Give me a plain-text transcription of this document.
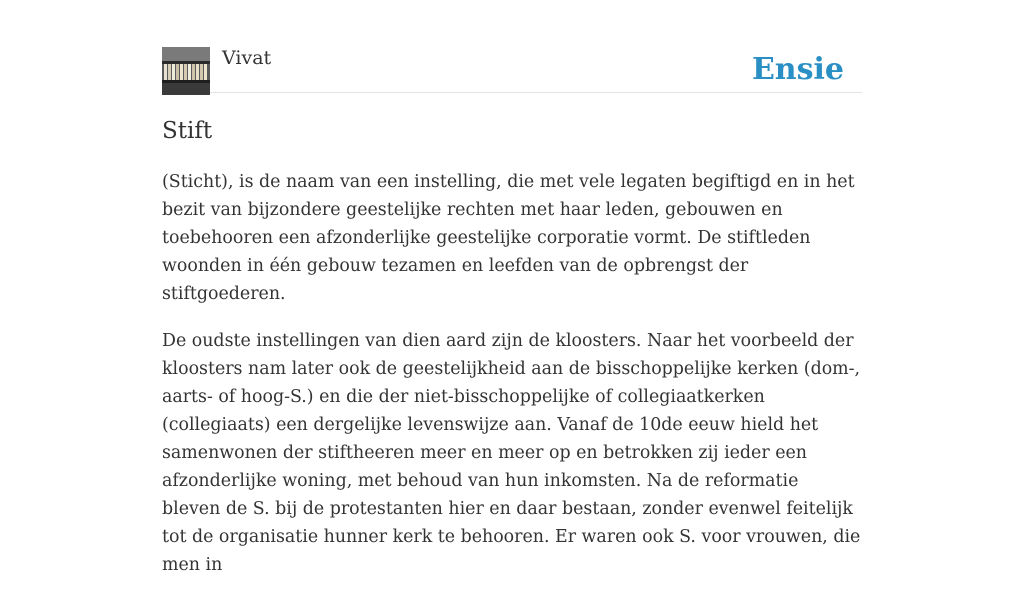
Vivat	Ensie
Stift

(Sticht), is de naam van een instelling, die met vele legaten begiftigd en in het bezit van bijzondere geestelijke rechten met haar leden, gebouwen en toebehooren een afzonderlijke geestelijke corporatie vormt. De stiftleden woonden in één gebouw tezamen en leefden van de opbrengst der stiftgoederen.

De oudste instellingen van dien aard zijn de kloosters. Naar het voorbeeld der kloosters nam later ook de geestelijkheid aan de bisschoppelijke kerken (dom-, aarts- of hoog-S.) en die der niet-bisschoppelijke of collegiaatkerken (collegiaats) een dergelijke levenswijze aan. Vanaf de 10de eeuw hield het samenwonen der stiftheeren meer en meer op en betrokken zij ieder een afzonderlijke woning, met behoud van hun inkomsten. Na de reformatie bleven de S. bij de protestanten hier en daar bestaan, zonder evenwel feitelijk tot de organisatie hunner kerk te behooren. Er waren ook S. voor vrouwen, die men in
